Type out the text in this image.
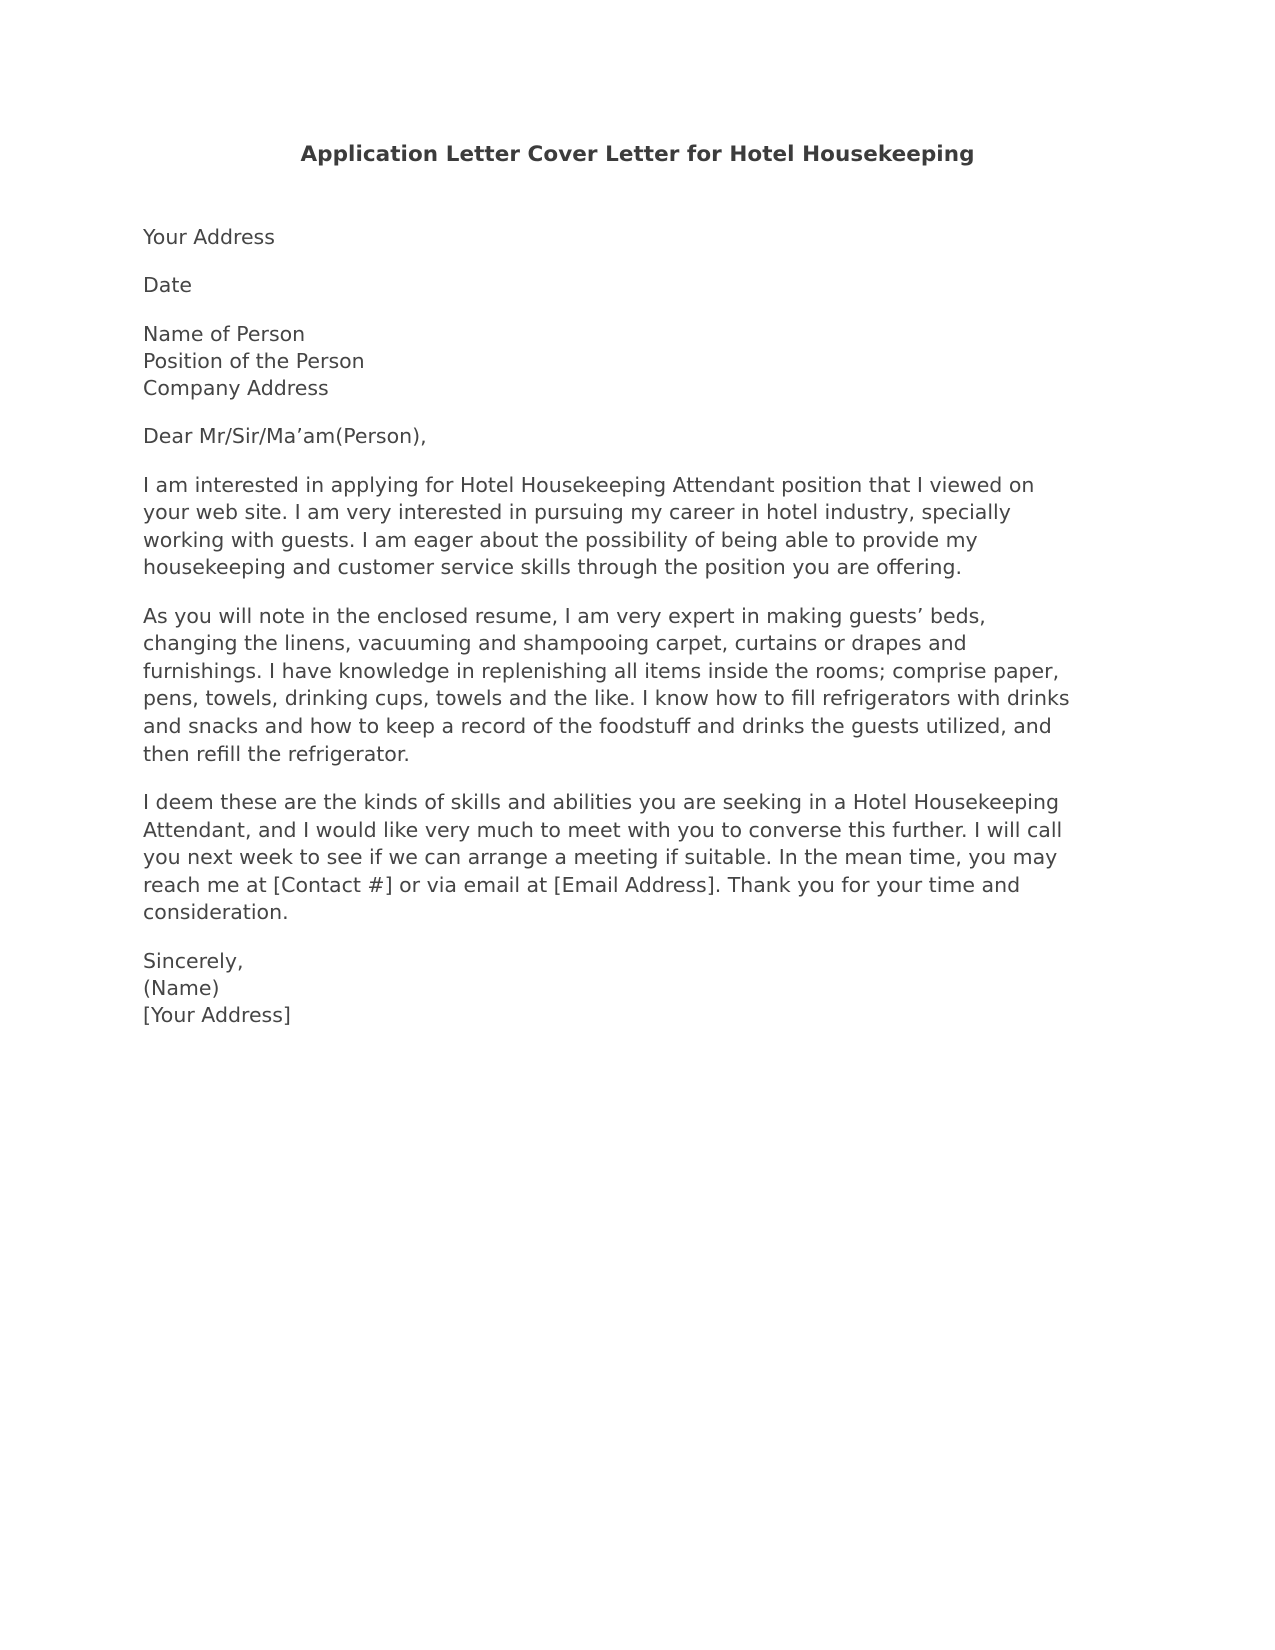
Application Letter Cover Letter for Hotel Housekeeping

Your Address

Date

Name of Person
Position of the Person
Company Address

Dear Mr/Sir/Ma’am(Person),

I am interested in applying for Hotel Housekeeping Attendant position that I viewed on your web site. I am very interested in pursuing my career in hotel industry, specially working with guests. I am eager about the possibility of being able to provide my housekeeping and customer service skills through the position you are offering.

As you will note in the enclosed resume, I am very expert in making guests’ beds, changing the linens, vacuuming and shampooing carpet, curtains or drapes and furnishings. I have knowledge in replenishing all items inside the rooms; comprise paper, pens, towels, drinking cups, towels and the like. I know how to fill refrigerators with drinks and snacks and how to keep a record of the foodstuff and drinks the guests utilized, and then refill the refrigerator.

I deem these are the kinds of skills and abilities you are seeking in a Hotel Housekeeping Attendant, and I would like very much to meet with you to converse this further. I will call you next week to see if we can arrange a meeting if suitable. In the mean time, you may reach me at [Contact #] or via email at [Email Address]. Thank you for your time and consideration.

Sincerely,
(Name)
[Your Address]
